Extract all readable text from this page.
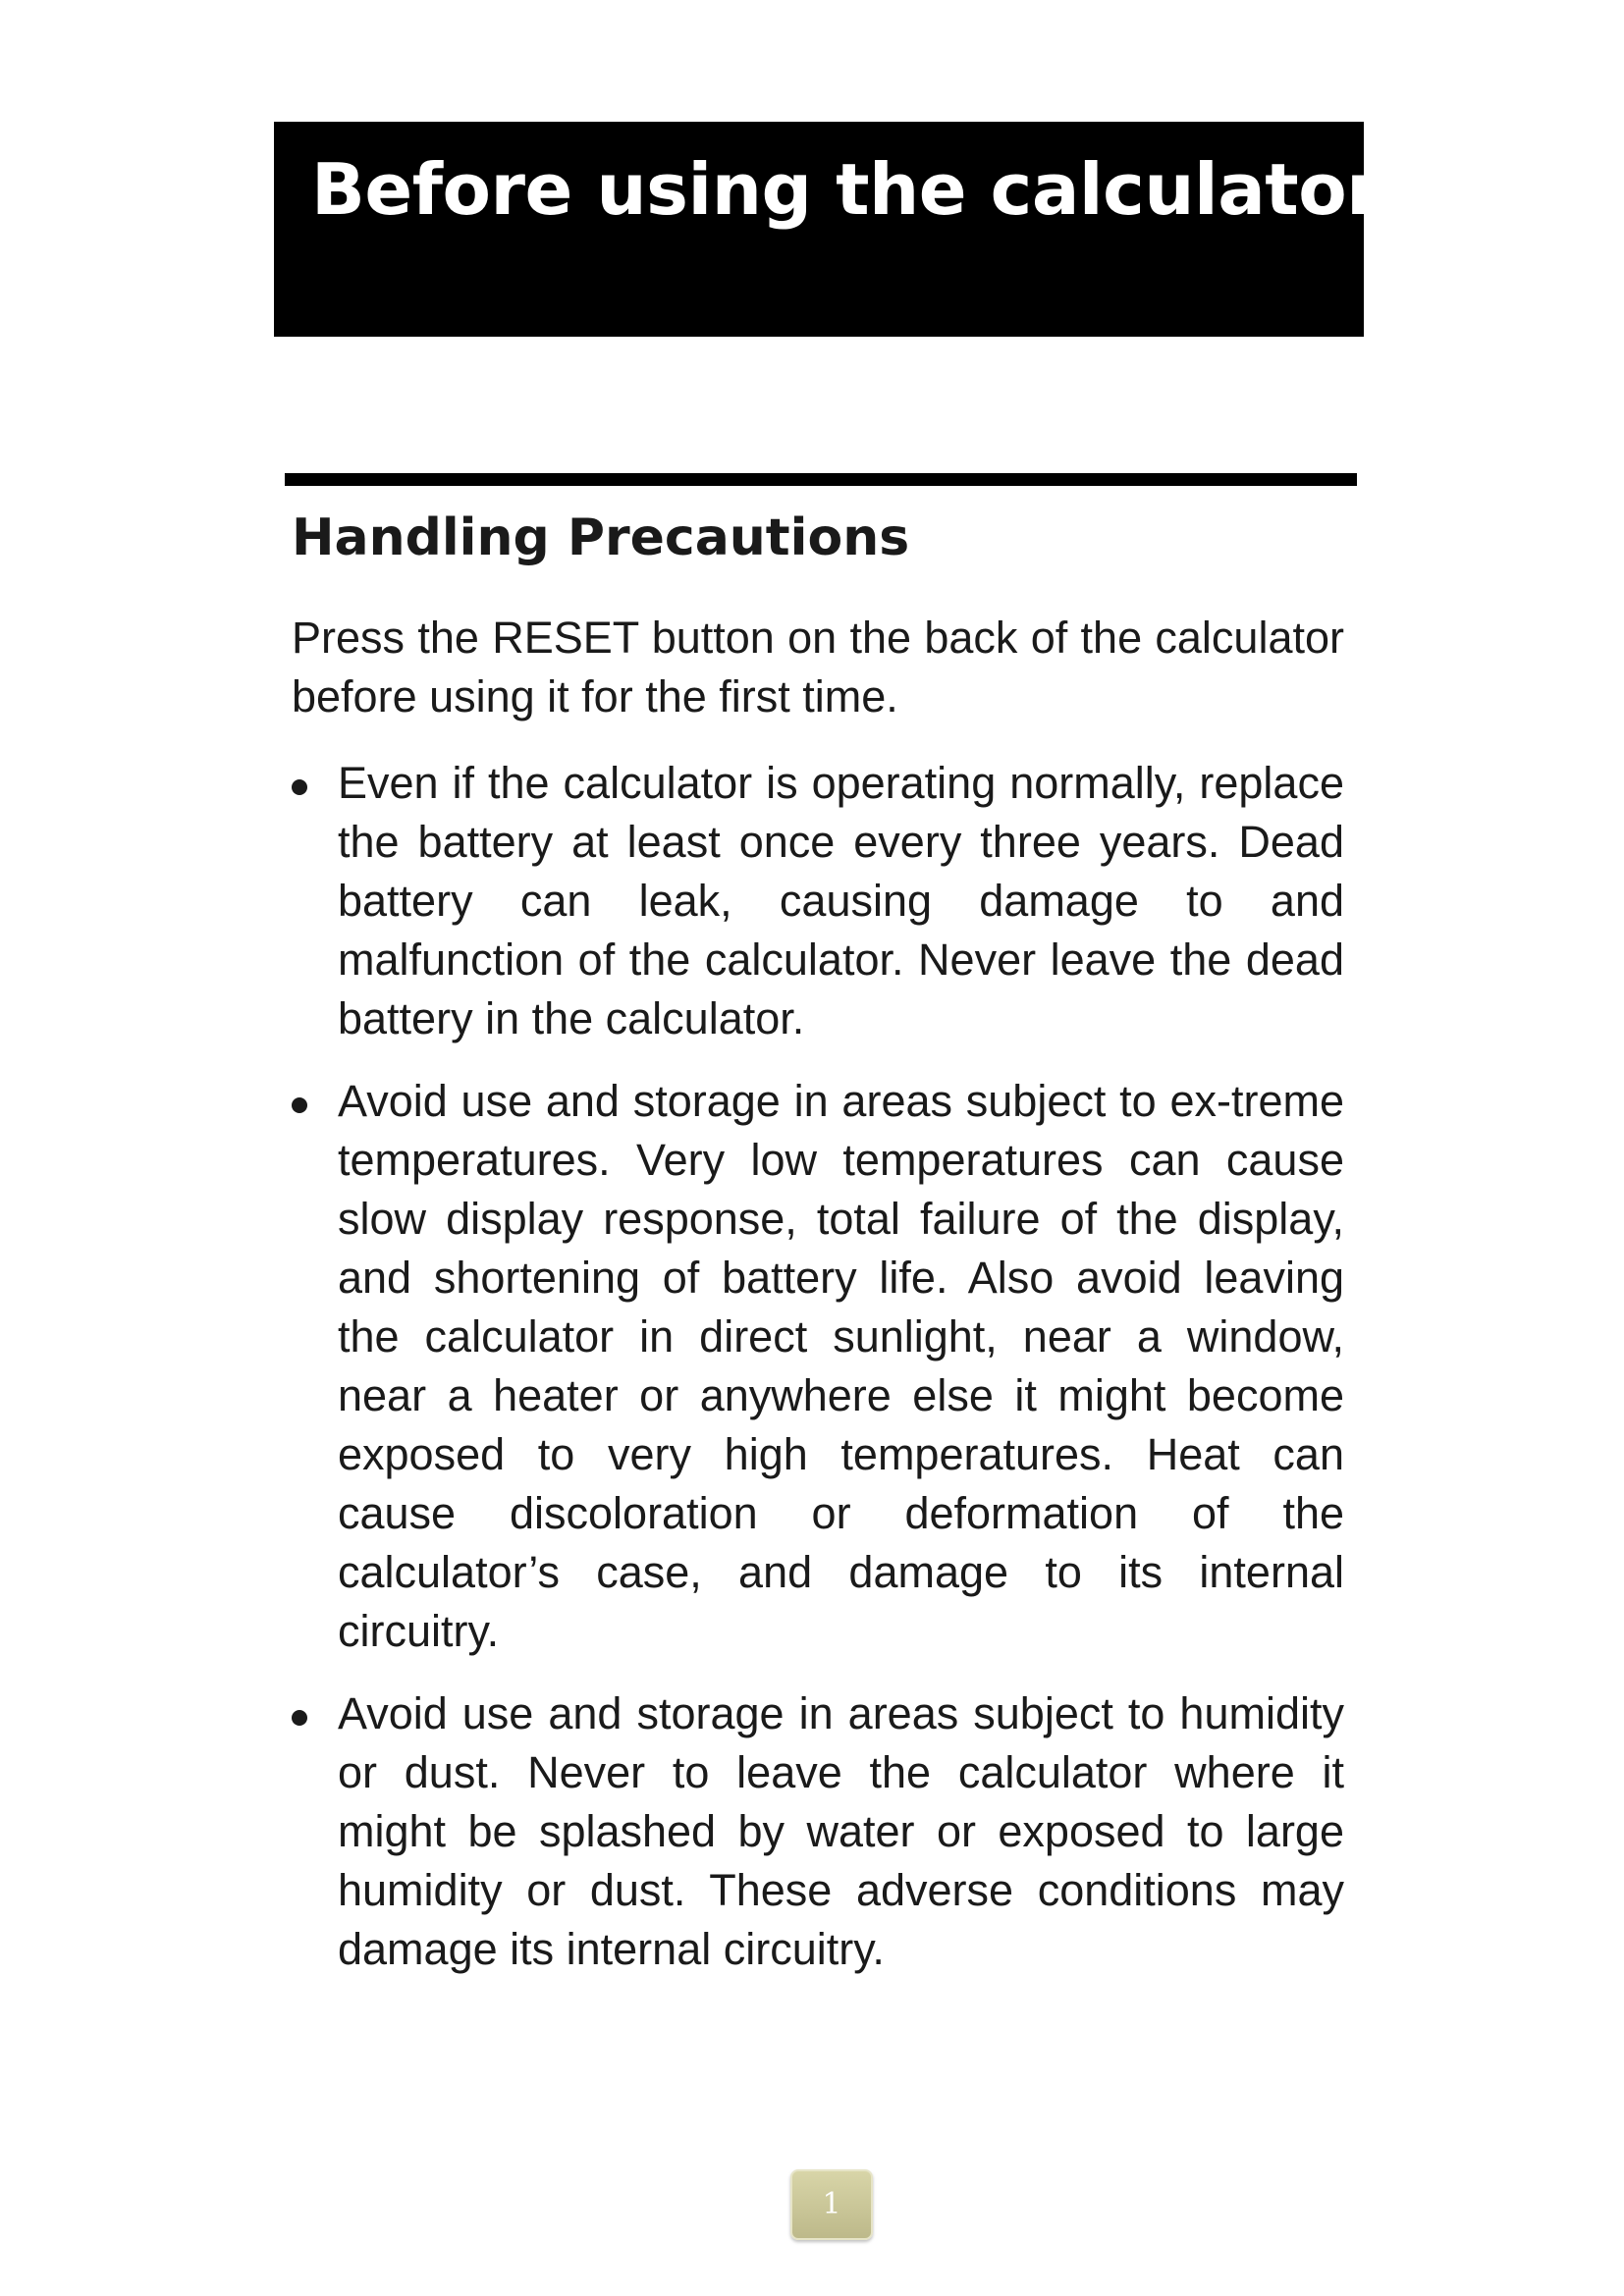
Before using the calculator
Handling Precautions

Press the RESET button on the back of the calculator before using it for the first time.

Even if the calculator is operating normally, replace the battery at least once every three years. Dead battery can leak, causing damage to and malfunction of the calculator. Never leave the dead battery in the calculator.
Avoid use and storage in areas subject to ex-treme temperatures. Very low temperatures can cause slow display response, total failure of the display, and shortening of battery life. Also avoid leaving the calculator in direct sunlight, near a window, near a heater or anywhere else it might become exposed to very high temperatures. Heat can cause discoloration or deformation of the calculator’s case, and damage to its internal circuitry.
Avoid use and storage in areas subject to humidity or dust. Never to leave the calculator where it might be splashed by water or exposed to large humidity or dust. These adverse conditions may damage its internal circuitry.
1
